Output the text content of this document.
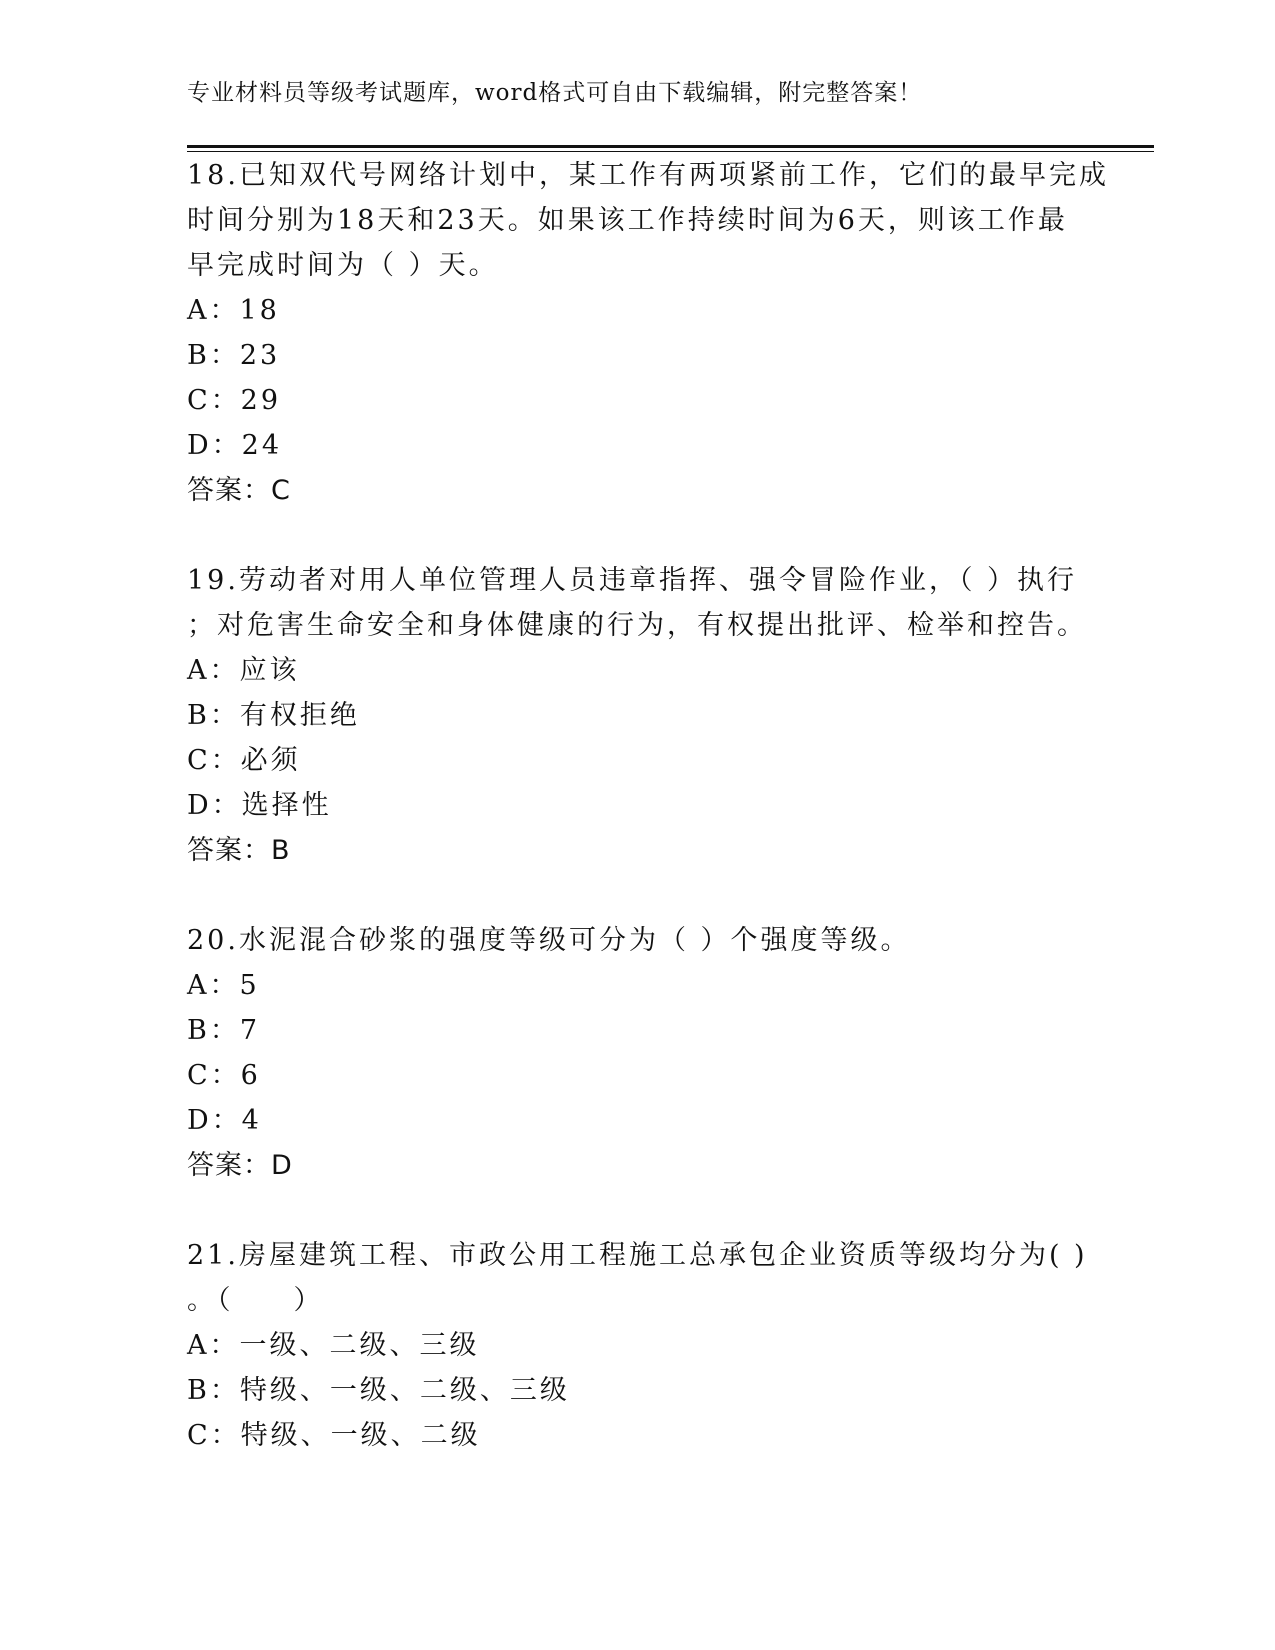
专业材料员等级考试题库，word格式可自由下载编辑，附完整答案！
18.已知双代号网络计划中，某工作有两项紧前工作，它们的最早完成
时间分别为18天和23天。如果该工作持续时间为6天，则该工作最
早完成时间为（ ）天。
A：18
B：23
C：29
D：24
答案：C
19.劳动者对用人单位管理人员违章指挥、强令冒险作业，（ ）执行
；对危害生命安全和身体健康的行为，有权提出批评、检举和控告。
A：应该
B：有权拒绝
C：必须
D：选择性
答案：B
20.水泥混合砂浆的强度等级可分为（ ）个强度等级。
A：5
B：7
C：6
D：4
答案：D
21.房屋建筑工程、市政公用工程施工总承包企业资质等级均分为( )
。（　　）
A：一级、二级、三级
B：特级、一级、二级、三级
C：特级、一级、二级
